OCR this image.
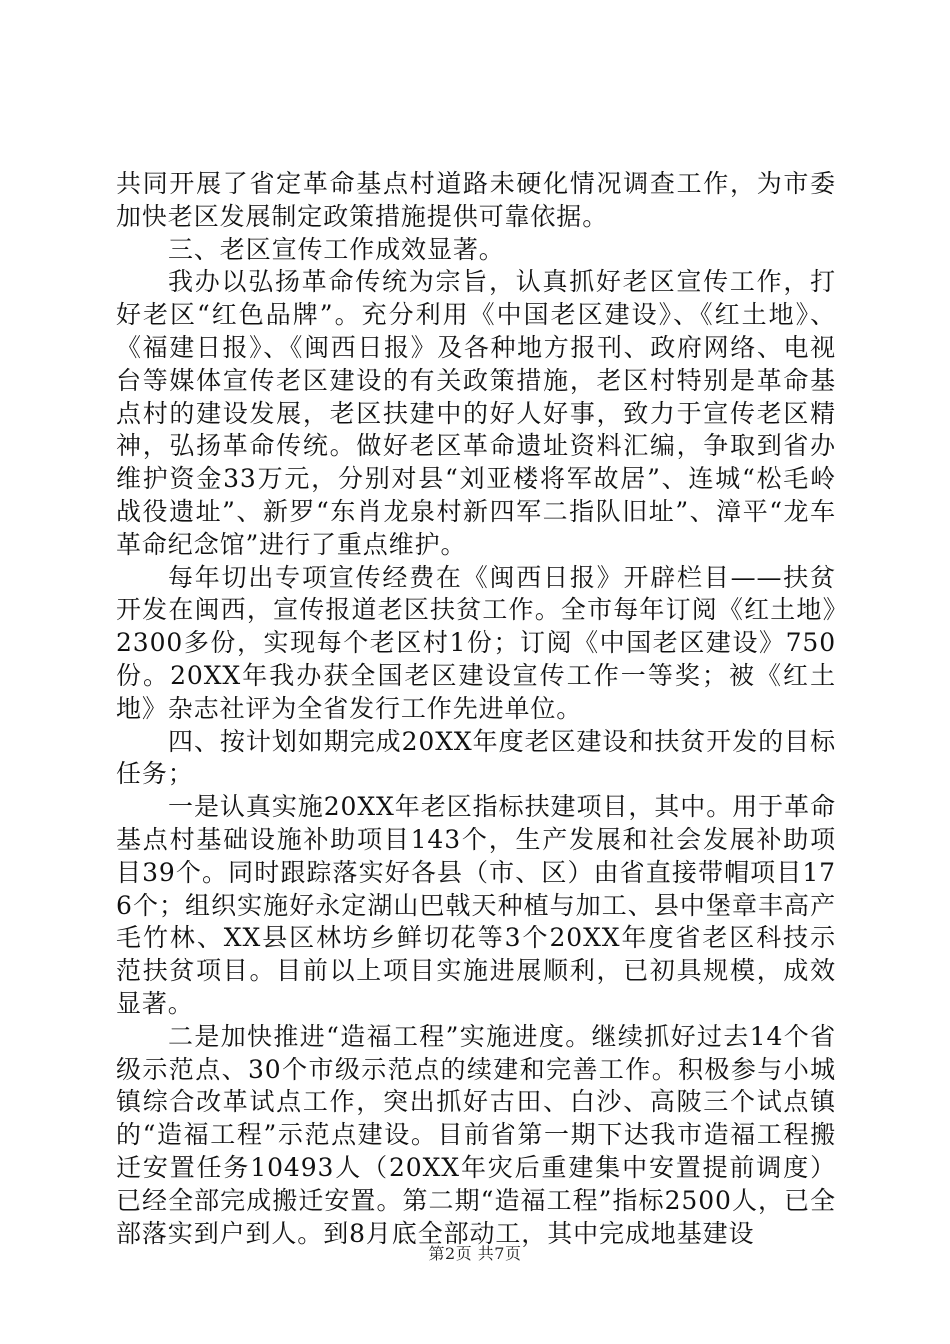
共同开展了省定革命基点村道路未硬化情况调查工作，为市委加快老区发展制定政策措施提供可靠依据。

三、老区宣传工作成效显著。

我办以弘扬革命传统为宗旨，认真抓好老区宣传工作，打好老区“红色品牌”。充分利用《中国老区建设》、《红土地》、《福建日报》、《闽西日报》及各种地方报刊、政府网络、电视台等媒体宣传老区建设的有关政策措施，老区村特别是革命基点村的建设发展，老区扶建中的好人好事，致力于宣传老区精神，弘扬革命传统。做好老区革命遗址资料汇编，争取到省办维护资金33万元，分别对县“刘亚楼将军故居”、连城“松毛岭战役遗址”、新罗“东肖龙泉村新四军二指队旧址”、漳平“龙车革命纪念馆”进行了重点维护。

每年切出专项宣传经费在《闽西日报》开辟栏目——扶贫开发在闽西，宣传报道老区扶贫工作。全市每年订阅《红土地》2300多份，实现每个老区村1份；订阅《中国老区建设》750份。20XX年我办获全国老区建设宣传工作一等奖；被《红土地》杂志社评为全省发行工作先进单位。

四、按计划如期完成20XX年度老区建设和扶贫开发的目标任务；

一是认真实施20XX年老区指标扶建项目，其中。用于革命基点村基础设施补助项目143个，生产发展和社会发展补助项目39个。同时跟踪落实好各县（市、区）由省直接带帽项目176个；组织实施好永定湖山巴戟天种植与加工、县中堡章丰高产毛竹林、XX县区林坊乡鲜切花等3个20XX年度省老区科技示范扶贫项目。目前以上项目实施进展顺利，已初具规模，成效显著。

二是加快推进“造福工程”实施进度。继续抓好过去14个省级示范点、30个市级示范点的续建和完善工作。积极参与小城镇综合改革试点工作，突出抓好古田、白沙、高陂三个试点镇的“造福工程”示范点建设。目前省第一期下达我市造福工程搬迁安置任务10493人（20XX年灾后重建集中安置提前调度）已经全部完成搬迁安置。第二期“造福工程”指标2500人，已全部落实到户到人。到8月底全部动工，其中完成地基建设

第2页 共7页
